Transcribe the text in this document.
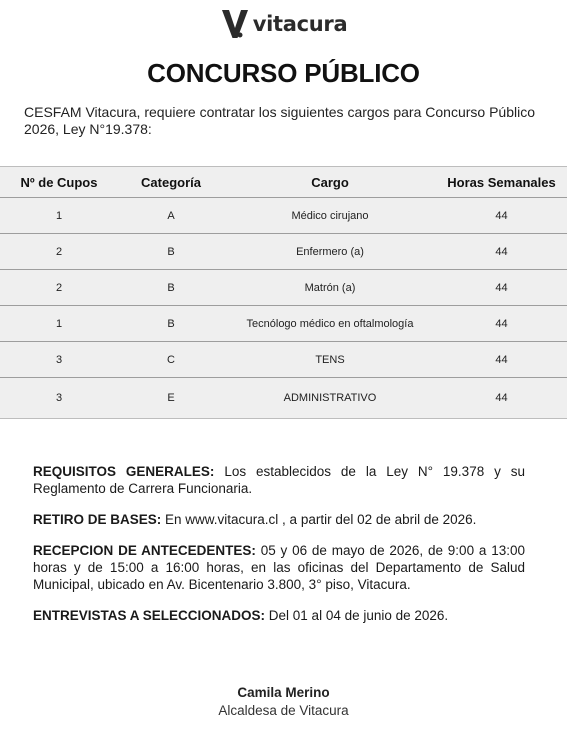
vitacura
CONCURSO PÚBLICO
CESFAM Vitacura, requiere contratar los siguientes cargos para Concurso Público 2026, Ley N°19.378:
Nº de Cupos	Categoría	Cargo	Horas Semanales
1	A	Médico cirujano	44
2	B	Enfermero (a)	44
2	B	Matrón (a)	44
1	B	Tecnólogo médico en oftalmología	44
3	C	TENS	44
3	E	ADMINISTRATIVO	44

REQUISITOS GENERALES: Los establecidos de la Ley N° 19.378 y su Reglamento de Carrera Funcionaria.

RETIRO DE BASES: En www.vitacura.cl , a partir del 02 de abril de 2026.

RECEPCION DE ANTECEDENTES: 05 y 06 de mayo de 2026, de 9:00 a 13:00 horas y de 15:00 a 16:00 horas, en las oficinas del Departamento de Salud Municipal, ubicado en Av. Bicentenario 3.800, 3° piso, Vitacura.

ENTREVISTAS A SELECCIONADOS: Del 01 al 04 de junio de 2026.

Camila Merino
Alcaldesa de Vitacura
